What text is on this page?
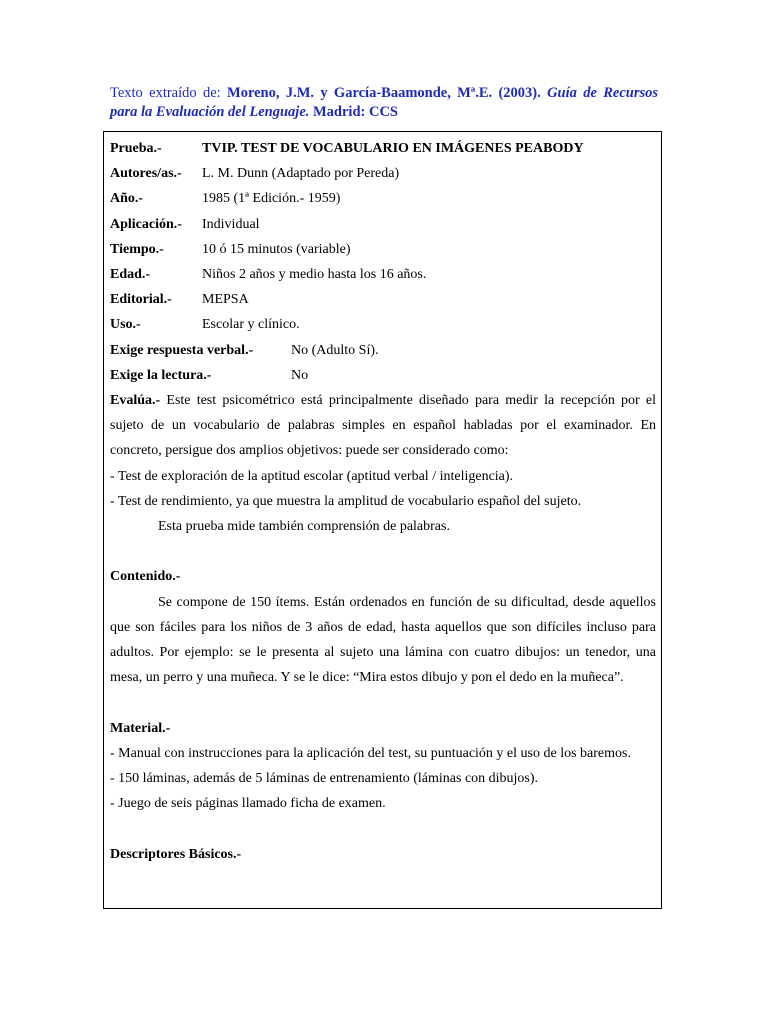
Texto extraído de: Moreno, J.M. y García-Baamonde, Mª.E. (2003). Guía de Recursos para la Evaluación del Lenguaje. Madrid: CCS
Prueba.-	TVIP. TEST DE VOCABULARIO EN IMÁGENES PEABODY
Autores/as.-	L. M. Dunn (Adaptado por Pereda)
Año.-	1985 (1ª Edición.- 1959)
Aplicación.-	Individual
Tiempo.-	10 ó 15 minutos (variable)
Edad.-	Niños 2 años y medio hasta los 16 años.
Editorial.-	MEPSA
Uso.-	Escolar y clínico.
Exige respuesta verbal.-	No (Adulto Sí).
Exige la lectura.-	No
Evalúa.- Este test psicométrico está principalmente diseñado para medir la recepción por el sujeto de un vocabulario de palabras simples en español habladas por el examinador. En concreto, persigue dos amplios objetivos: puede ser considerado como:
- Test de exploración de la aptitud escolar (aptitud verbal / inteligencia).
- Test de rendimiento, ya que muestra la amplitud de vocabulario español del sujeto.
Esta prueba mide también comprensión de palabras.
Contenido.-
Se compone de 150 ítems. Están ordenados en función de su dificultad, desde aquellos que son fáciles para los niños de 3 años de edad, hasta aquellos que son difíciles incluso para adultos. Por ejemplo: se le presenta al sujeto una lámina con cuatro dibujos: un tenedor, una mesa, un perro y una muñeca. Y se le dice: “Mira estos dibujo y pon el dedo en la muñeca”.
Material.-
- Manual con instrucciones para la aplicación del test, su puntuación y el uso de los baremos.
- 150 láminas, además de 5 láminas de entrenamiento (láminas con dibujos).
- Juego de seis páginas llamado ficha de examen.
Descriptores Básicos.-
